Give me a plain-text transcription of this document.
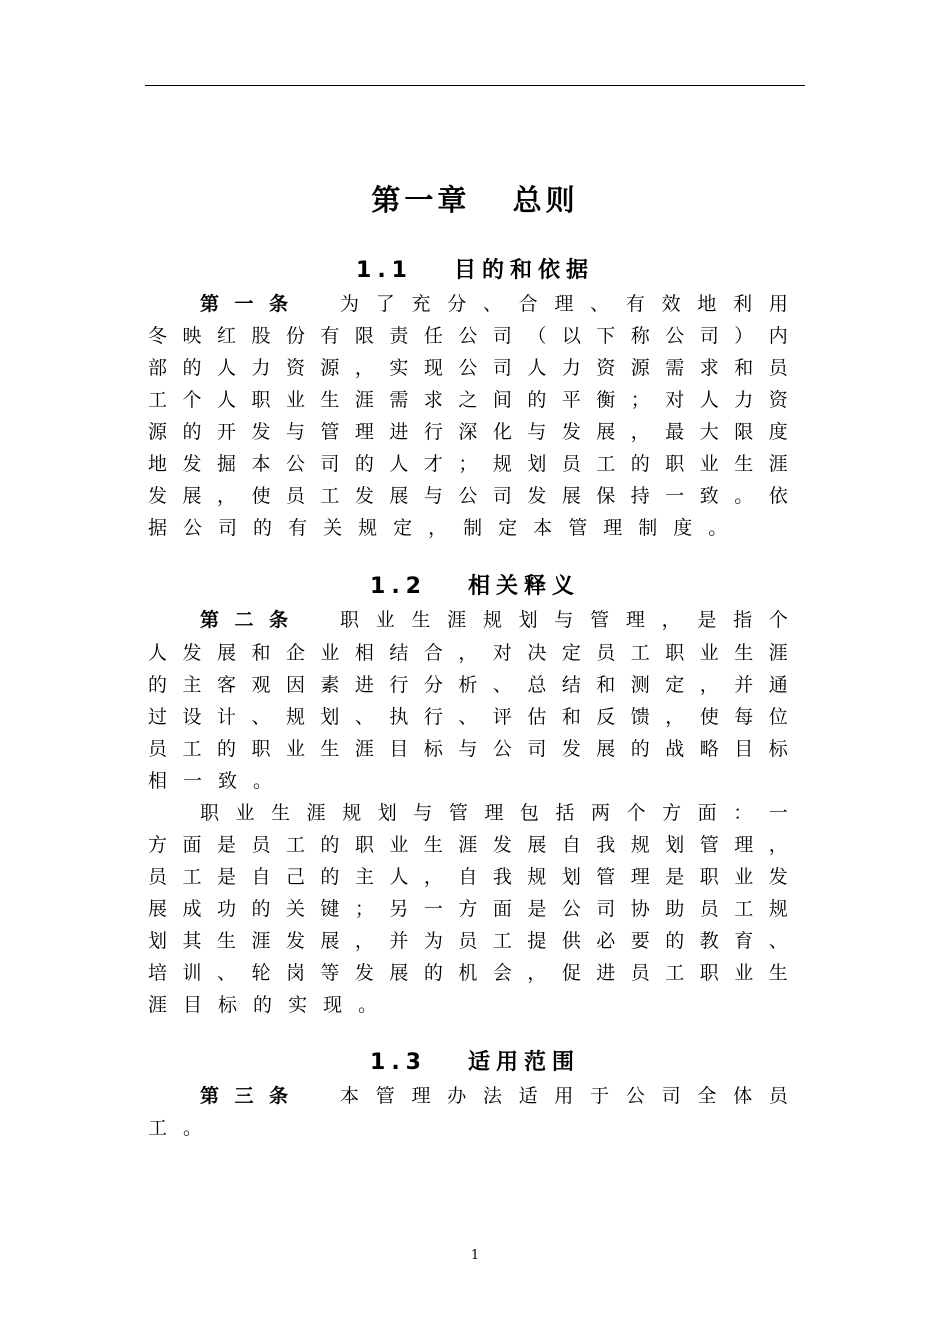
第一章   总则
1.1   目的和依据
第 一 条	为 了 充 分 、 合 理 、 有 效 地 利 用
冬 映 红 股 份 有 限 责 任 公 司 （ 以 下 称 公 司 ） 内
部 的 人 力 资 源 ， 实 现 公 司 人 力 资 源 需 求 和 员
工 个 人 职 业 生 涯 需 求 之 间 的 平 衡 ； 对 人 力 资
源 的 开 发 与 管 理 进 行 深 化 与 发 展 ， 最 大 限 度
地 发 掘 本 公 司 的 人 才 ； 规 划 员 工 的 职 业 生 涯
发 展 ， 使 员 工 发 展 与 公 司 发 展 保 持 一 致 。 依
据 公 司 的 有 关 规 定 ， 制 定 本 管 理 制 度 。
1.2   相关释义
第 二 条	职 业 生 涯 规 划 与 管 理 ， 是 指 个
人 发 展 和 企 业 相 结 合 ， 对 决 定 员 工 职 业 生 涯
的 主 客 观 因 素 进 行 分 析 、 总 结 和 测 定 ， 并 通
过 设 计 、 规 划 、 执 行 、 评 估 和 反 馈 ， 使 每 位
员 工 的 职 业 生 涯 目 标 与 公 司 发 展 的 战 略 目 标
相 一 致 。
职 业 生 涯 规 划 与 管 理 包 括 两 个 方 面 ： 一
方 面 是 员 工 的 职 业 生 涯 发 展 自 我 规 划 管 理 ，
员 工 是 自 己 的 主 人 ， 自 我 规 划 管 理 是 职 业 发
展 成 功 的 关 键 ； 另 一 方 面 是 公 司 协 助 员 工 规
划 其 生 涯 发 展 ， 并 为 员 工 提 供 必 要 的 教 育 、
培 训 、 轮 岗 等 发 展 的 机 会 ， 促 进 员 工 职 业 生
涯 目 标 的 实 现 。
1.3   适用范围
第 三 条	本 管 理 办 法 适 用 于 公 司 全 体 员
工 。
1
